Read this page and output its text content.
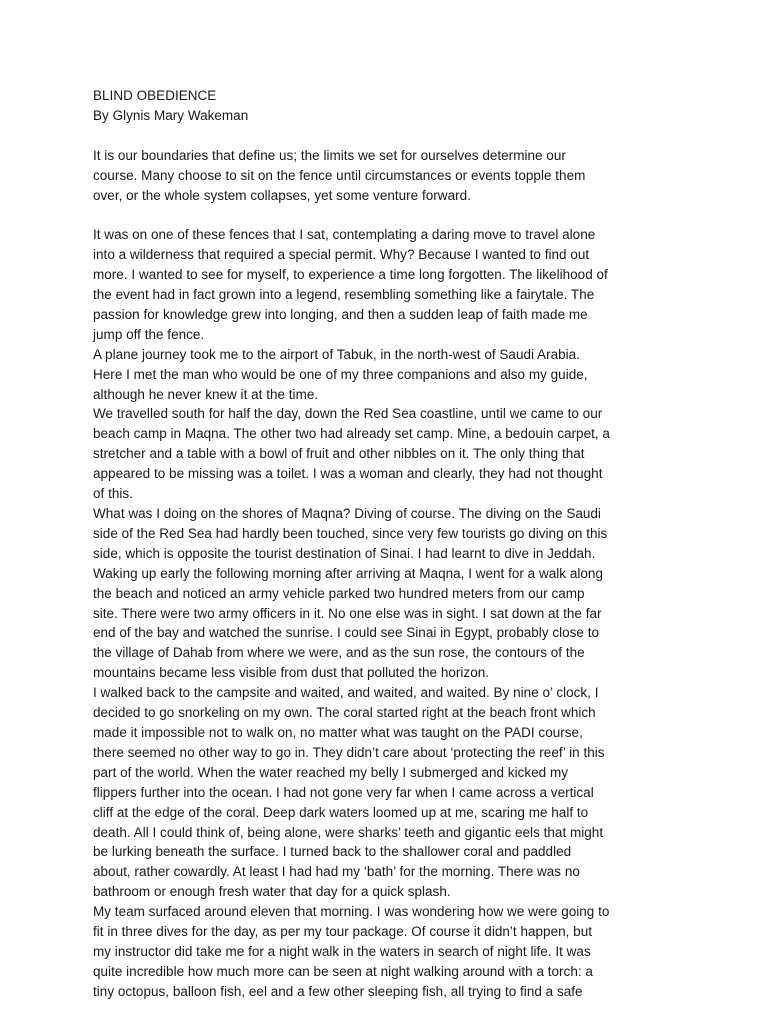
BLIND OBEDIENCE
By Glynis Mary Wakeman
It is our boundaries that define us; the limits we set for ourselves determine our
course. Many choose to sit on the fence until circumstances or events topple them
over, or the whole system collapses, yet some venture forward.
It was on one of these fences that I sat, contemplating a daring move to travel alone
into a wilderness that required a special permit. Why? Because I wanted to find out
more. I wanted to see for myself, to experience a time long forgotten. The likelihood of
the event had in fact grown into a legend, resembling something like a fairytale. The
passion for knowledge grew into longing, and then a sudden leap of faith made me
jump off the fence.
A plane journey took me to the airport of Tabuk, in the north-west of Saudi Arabia.
Here I met the man who would be one of my three companions and also my guide,
although he never knew it at the time.
We travelled south for half the day, down the Red Sea coastline, until we came to our
beach camp in Maqna. The other two had already set camp. Mine, a bedouin carpet, a
stretcher and a table with a bowl of fruit and other nibbles on it. The only thing that
appeared to be missing was a toilet. I was a woman and clearly, they had not thought
of this.
What was I doing on the shores of Maqna? Diving of course. The diving on the Saudi
side of the Red Sea had hardly been touched, since very few tourists go diving on this
side, which is opposite the tourist destination of Sinai. I had learnt to dive in Jeddah.
Waking up early the following morning after arriving at Maqna, I went for a walk along
the beach and noticed an army vehicle parked two hundred meters from our camp
site. There were two army officers in it. No one else was in sight. I sat down at the far
end of the bay and watched the sunrise. I could see Sinai in Egypt, probably close to
the village of Dahab from where we were, and as the sun rose, the contours of the
mountains became less visible from dust that polluted the horizon.
I walked back to the campsite and waited, and waited, and waited. By nine o’ clock, I
decided to go snorkeling on my own. The coral started right at the beach front which
made it impossible not to walk on, no matter what was taught on the PADI course,
there seemed no other way to go in. They didn’t care about ‘protecting the reef’ in this
part of the world. When the water reached my belly I submerged and kicked my
flippers further into the ocean. I had not gone very far when I came across a vertical
cliff at the edge of the coral. Deep dark waters loomed up at me, scaring me half to
death. All I could think of, being alone, were sharks’ teeth and gigantic eels that might
be lurking beneath the surface. I turned back to the shallower coral and paddled
about, rather cowardly. At least I had had my ‘bath’ for the morning. There was no
bathroom or enough fresh water that day for a quick splash.
My team surfaced around eleven that morning. I was wondering how we were going to
fit in three dives for the day, as per my tour package. Of course it didn’t happen, but
my instructor did take me for a night walk in the waters in search of night life. It was
quite incredible how much more can be seen at night walking around with a torch: a
tiny octopus, balloon fish, eel and a few other sleeping fish, all trying to find a safe
